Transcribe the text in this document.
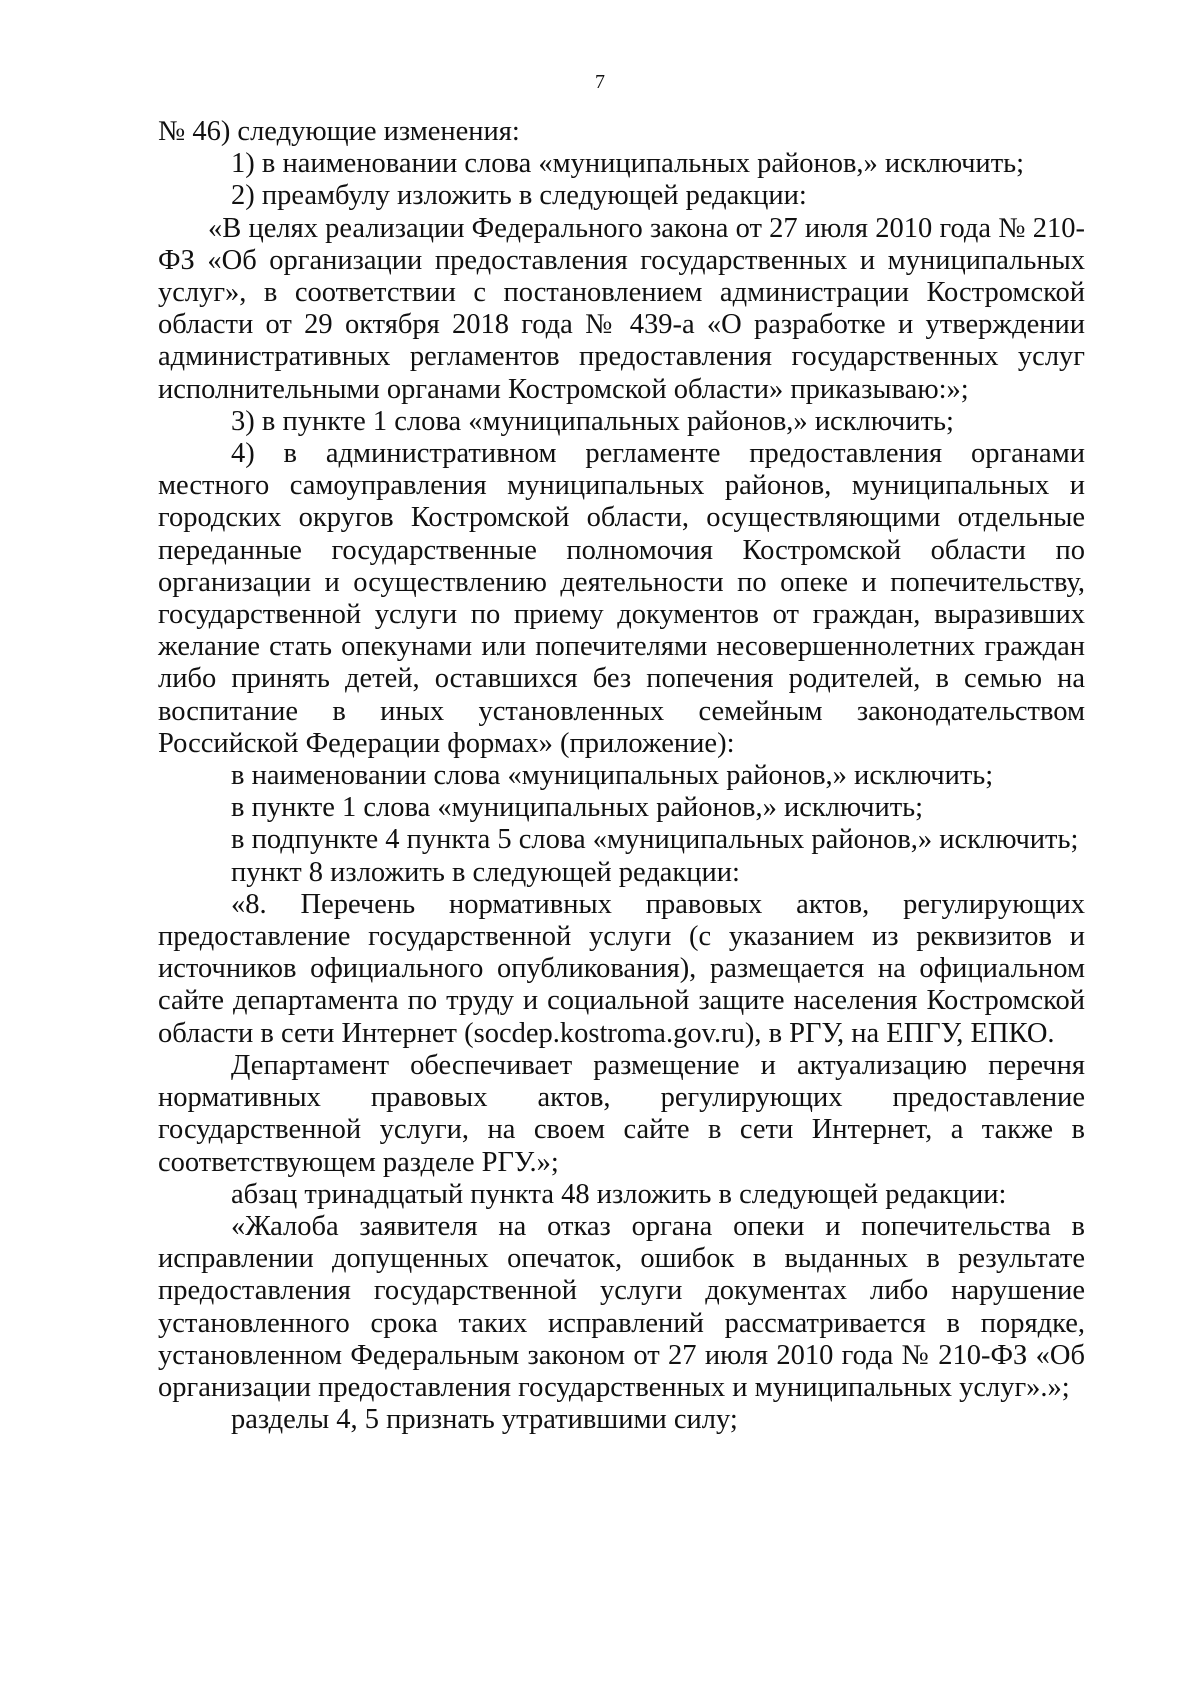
7

№ 46) следующие изменения:

1) в наименовании слова «муниципальных районов,» исключить;

2) преамбулу изложить в следующей редакции:

«В целях реализации Федерального закона от 27 июля 2010 года № 210-ФЗ «Об организации предоставления государственных и муниципальных услуг», в соответствии с постановлением администрации Костромской области от 29 октября 2018 года № 439-а «О разработке и утверждении административных регламентов предоставления государственных услуг исполнительными органами Костромской области» приказываю:»;

3) в пункте 1 слова «муниципальных районов,» исключить;

4) в административном регламенте предоставления органами местного самоуправления муниципальных районов, муниципальных и городских округов Костромской области, осуществляющими отдельные переданные государственные полномочия Костромской области по организации и осуществлению деятельности по опеке и попечительству, государственной услуги по приему документов от граждан, выразивших желание стать опекунами или попечителями несовершеннолетних граждан либо принять детей, оставшихся без попечения родителей, в семью на воспитание в иных установленных семейным законодательством Российской Федерации формах» (приложение):

в наименовании слова «муниципальных районов,» исключить;

в пункте 1 слова «муниципальных районов,» исключить;

в подпункте 4 пункта 5 слова «муниципальных районов,» исключить;

пункт 8 изложить в следующей редакции:

«8. Перечень нормативных правовых актов, регулирующих предоставление государственной услуги (с указанием из реквизитов и источников официального опубликования), размещается на официальном сайте департамента по труду и социальной защите населения Костромской области в сети Интернет (socdep.kostroma.gov.ru), в РГУ, на ЕПГУ, ЕПКО.

Департамент обеспечивает размещение и актуализацию перечня нормативных правовых актов, регулирующих предоставление государственной услуги, на своем сайте в сети Интернет, а также в соответствующем разделе РГУ.»;

абзац тринадцатый пункта 48 изложить в следующей редакции:

«Жалоба заявителя на отказ органа опеки и попечительства в исправлении допущенных опечаток, ошибок в выданных в результате предоставления государственной услуги документах либо нарушение установленного срока таких исправлений рассматривается в порядке, установленном Федеральным законом от 27 июля 2010 года № 210-ФЗ «Об организации предоставления государственных и муниципальных услуг».»;

разделы 4, 5 признать утратившими силу;
